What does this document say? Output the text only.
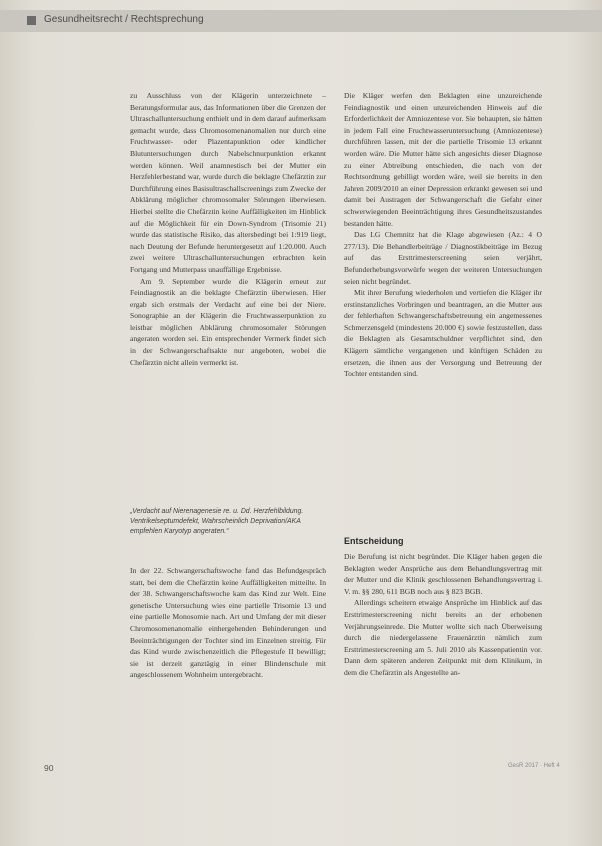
Gesundheitsrecht / Rechtsprechung

zu Ausschluss von der Klägerin unterzeichnete – Beratungsformular aus, das Informationen über die Grenzen der Ultraschalluntersuchung enthielt und in dem darauf aufmerksam gemacht wurde, dass Chromosomenanomalien nur durch eine Fruchtwasser- oder Plazentapunktion oder kindlicher Blutuntersuchungen durch Nabelschnurpunktion erkannt werden können. Weil anamnestisch bei der Mutter ein Herzfehlerbestand war, wurde durch die beklagte Chefärztin zur Durchführung eines Basisultraschallscreenings zum Zwecke der Abklärung möglicher chromosomaler Störungen überwiesen. Hierbei stellte die Chefärztin keine Auffälligkeiten im Hinblick auf die Möglichkeit für ein Down-Syndrom (Trisomie 21) wurde das statistische Risiko, das altersbedingt bei 1:919 liegt, nach Deutung der Befunde heruntergesetzt auf 1:20.000. Auch zwei weitere Ultraschalluntersuchungen erbrachten kein Fortgang und Mutterpass unauffällige Ergebnisse.

Am 9. September wurde die Klägerin erneut zur Feindiagnostik an die beklagte Chefärztin überwiesen. Hier ergab sich erstmals der Verdacht auf eine bei der Niere. Sonographie an der Klägerin die Fruchtwasserpunktion zu leistbar möglichen Abklärung chromosomaler Störungen angeraten worden sei. Ein entsprechender Vermerk findet sich in der Schwangerschaftsakte nur angeboten, wobei die Chefärztin nicht allein vermerkt ist.

„Verdacht auf Nierenagenesie re. u. Dd. Herzfehlbildung. Ventrikelseptumdefekt, Wahrscheinlich Deprivation/AKA empfehlen Karyotyp angeraten.“

In der 22. Schwangerschaftswoche fand das Befundgespräch statt, bei dem die Chefärztin keine Auffälligkeiten mitteilte. In der 38. Schwangerschaftswoche kam das Kind zur Welt. Eine genetische Untersuchung wies eine partielle Trisomie 13 und eine partielle Monosomie nach. Art und Umfang der mit dieser Chromosomenanomalie einhergehenden Behinderungen und Beeinträchtigungen der Tochter sind im Einzelnen streitig. Für das Kind wurde zwischenzeitlich die Pflegestufe II bewilligt; sie ist derzeit ganztägig in einer Blindenschule mit angeschlossenem Wohnheim untergebracht.

Die Kläger werfen den Beklagten eine unzureichende Feindiagnostik und einen unzureichenden Hinweis auf die Erforderlichkeit der Amniozentese vor. Sie behaupten, sie hätten in jedem Fall eine Fruchtwasseruntersuchung (Amniozentese) durchführen lassen, mit der die partielle Trisomie 13 erkannt worden wäre. Die Mutter hätte sich angesichts dieser Diagnose zu einer Abtreibung entschieden, die nach von der Rechtsordnung gebilligt worden wäre, weil sie bereits in den Jahren 2009/2010 an einer Depression erkrankt gewesen sei und damit bei Austragen der Schwangerschaft die Gefahr einer schwerwiegenden Beeinträchtigung ihres Gesundheitszustandes bestanden hätte.

Das LG Chemnitz hat die Klage abgewiesen (Az.: 4 O 277/13). Die Behandlerbeiträge / Diagnostikbeiträge im Bezug auf das Ersttrimesterscreening seien verjährt, Befunderhebungsvorwürfe wegen der weiteren Untersuchungen seien nicht begründet.

Mit ihrer Berufung wiederholen und vertiefen die Kläger ihr erstinstanzliches Vorbringen und beantragen, an die Mutter aus der fehlerhaften Schwangerschaftsbetreuung ein angemessenes Schmerzensgeld (mindestens 20.000 €) sowie festzustellen, dass die Beklagten als Gesamtschuldner verpflichtet sind, den Klägern sämtliche vergangenen und künftigen Schäden zu ersetzen, die ihnen aus der Versorgung und Betreuung der Tochter entstanden sind.

Entscheidung

Die Berufung ist nicht begründet. Die Kläger haben gegen die Beklagten weder Ansprüche aus dem Behandlungsvertrag mit der Mutter und die Klinik geschlossenen Behandlungsvertrag i. V. m. §§ 280, 611 BGB noch aus § 823 BGB.

Allerdings scheitern etwaige Ansprüche im Hinblick auf das Ersttrimesterscreening nicht bereits an der erhobenen Verjährungseinrede. Die Mutter wollte sich nach Überweisung durch die niedergelassene Frauenärztin nämlich zum Ersttrimesterscreening am 5. Juli 2010 als Kassenpatientin vor. Dann dem späteren anderen Zeitpunkt mit dem Klinikum, in dem die Chefärztin als Angestellte an-

90	GesR 2017 · Heft 4
